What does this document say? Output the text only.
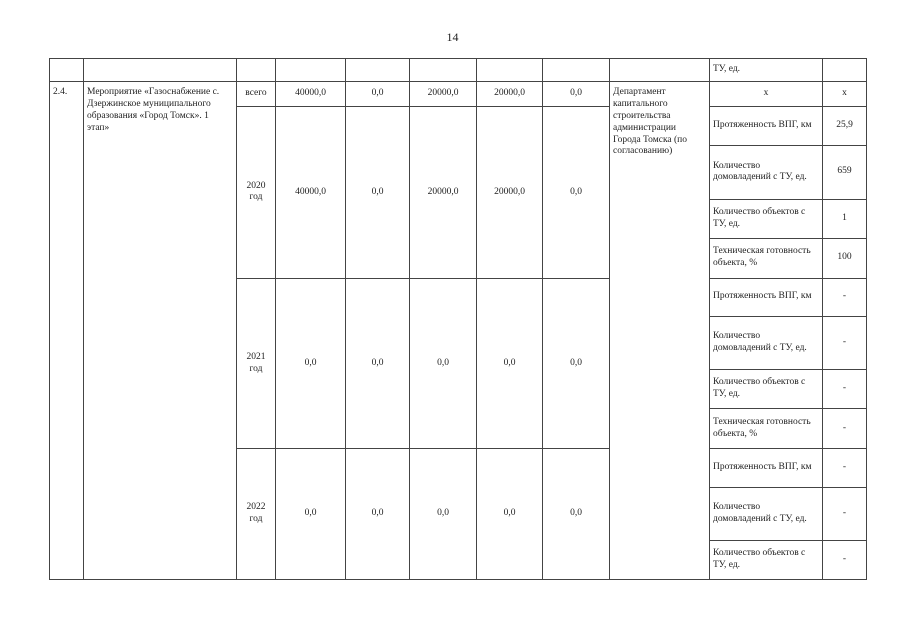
14
									ТУ, ед.	
2.4.	Мероприятие «Газоснабжение с. Дзержинское муниципального образования «Город Томск». 1 этап»	всего	40000,0	0,0	20000,0	20000,0	0,0	Департамент капитального строительства администрации Города Томска (по согласованию)	х	х
		2020 год	40000,0	0,0	20000,0	20000,0	0,0		Протяженность ВПГ, км	25,9
									Количество домовладений с ТУ, ед.	659
									Количество объектов с ТУ, ед.	1
									Техническая готовность объекта, %	100
		2021 год	0,0	0,0	0,0	0,0	0,0		Протяженность ВПГ, км	-
									Количество домовладений с ТУ, ед.	-
									Количество объектов с ТУ, ед.	-
									Техническая готовность объекта, %	-
		2022 год	0,0	0,0	0,0	0,0	0,0		Протяженность ВПГ, км	-
									Количество домовладений с ТУ, ед.	-
									Количество объектов с ТУ, ед.	-
